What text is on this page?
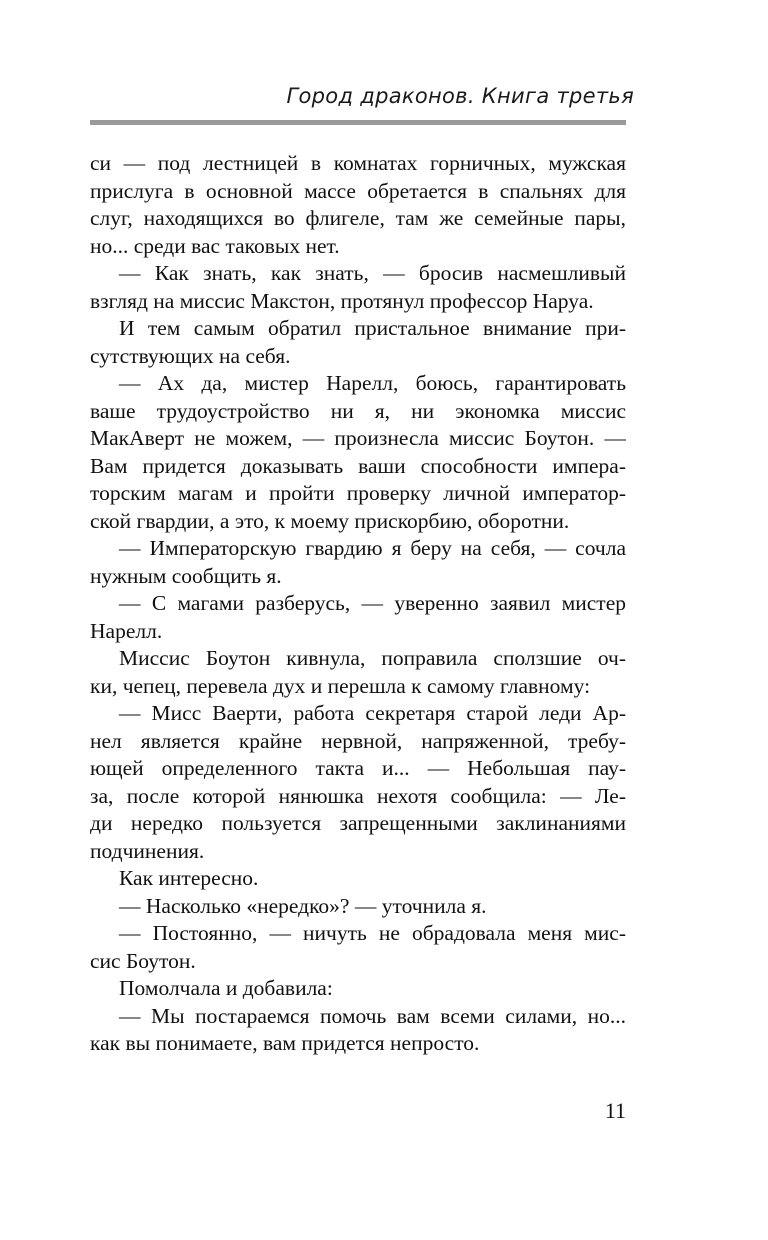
Город драконов. Книга третья
си — под лестницей в комнатах горничных, мужская
прислуга в основной массе обретается в спальнях для
слуг, находящихся во флигеле, там же семейные пары,
но... среди вас таковых нет.
— Как знать, как знать, — бросив насмешливый
взгляд на миссис Макстон, протянул профессор Наруа.
И тем самым обратил пристальное внимание при-
сутствующих на себя.
— Ах да, мистер Нарелл, боюсь, гарантировать
ваше трудоустройство ни я, ни экономка миссис
МакАверт не можем, — произнесла миссис Боутон. —
Вам придется доказывать ваши способности импера-
торским магам и пройти проверку личной император-
ской гвардии, а это, к моему прискорбию, оборотни.
— Императорскую гвардию я беру на себя, — сочла
нужным сообщить я.
— С магами разберусь, — уверенно заявил мистер
Нарелл.
Миссис Боутон кивнула, поправила сползшие оч-
ки, чепец, перевела дух и перешла к самому главному:
— Мисс Ваерти, работа секретаря старой леди Ар-
нел является крайне нервной, напряженной, требу-
ющей определенного такта и... — Небольшая пау-
за, после которой нянюшка нехотя сообщила: — Ле-
ди нередко пользуется запрещенными заклинаниями
подчинения.
Как интересно.
— Насколько «нередко»? — уточнила я.
— Постоянно, — ничуть не обрадовала меня мис-
сис Боутон.
Помолчала и добавила:
— Мы постараемся помочь вам всеми силами, но...
как вы понимаете, вам придется непросто.
11
